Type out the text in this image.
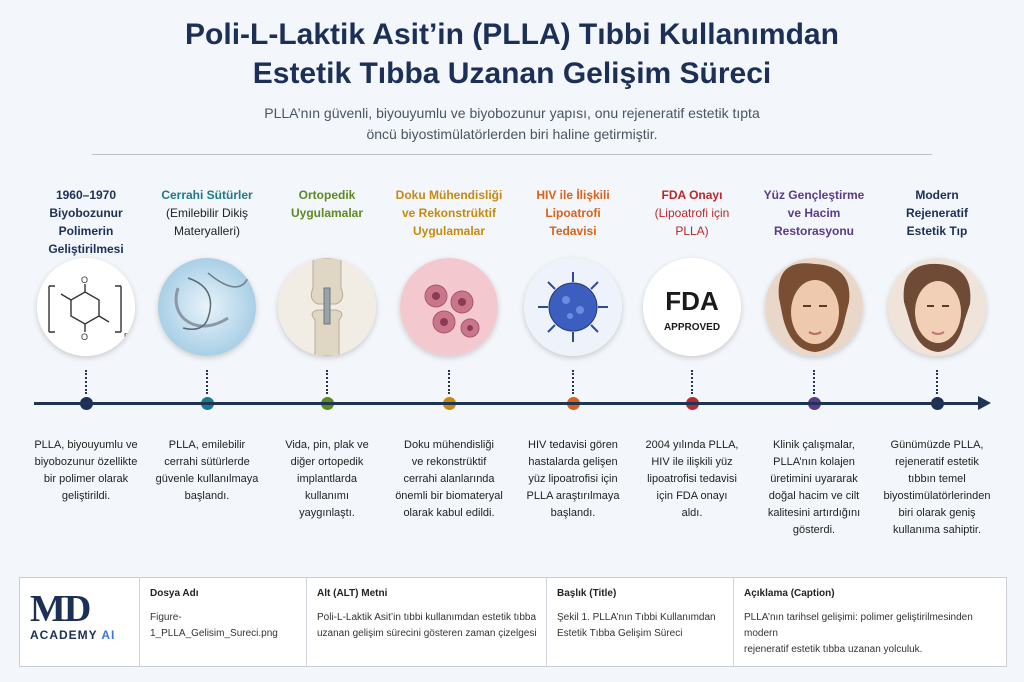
Poli-L-Laktik Asit’in (PLLA) Tıbbi Kullanımdan
Estetik Tıbba Uzanan Gelişim Süreci
PLLA’nın güvenli, biyouyumlu ve biyobozunur yapısı, onu rejeneratif estetik tıpta
öncü biyostimülatörlerden biri haline getirmiştir.
1960–1970
Biyobozunur
Polimerin
Geliştirilmesi
O
O	n
PLLA, biyouyumlu ve
biyobozunur özellikte
bir polimer olarak
geliştirildi.
Cerrahi Sütürler
(Emilebilir Dikiş
Materyalleri)
PLLA, emilebilir
cerrahi sütürlerde
güvenle kullanılmaya
başlandı.
Ortopedik
Uygulamalar
Vida, pin, plak ve
diğer ortopedik
implantlarda
kullanımı
yaygınlaştı.
Doku Mühendisliği
ve Rekonstrüktif
Uygulamalar
Doku mühendisliği
ve rekonstrüktif
cerrahi alanlarında
önemli bir biomateryal
olarak kabul edildi.
HIV ile İlişkili
Lipoatrofi
Tedavisi
HIV tedavisi gören
hastalarda gelişen
yüz lipoatrofisi için
PLLA araştırılmaya
başlandı.
FDA Onayı
(Lipoatrofi için
PLLA)
FDA
APPROVED
2004 yılında PLLA,
HIV ile ilişkili yüz
lipoatrofisi tedavisi
için FDA onayı
aldı.
Yüz Gençleştirme
ve Hacim
Restorasyonu
Klinik çalışmalar,
PLLA’nın kolajen
üretimini uyararak
doğal hacim ve cilt
kalitesini artırdığını
gösterdi.
Modern
Rejeneratif
Estetik Tıp
Günümüzde PLLA,
rejeneratif estetik
tıbbın temel
biyostimülatörlerinden
biri olarak geniş
kullanıma sahiptir.
MD
ACADEMY AI
Dosya Adı
Figure-1_PLLA_Gelisim_Sureci.png
Alt (ALT) Metni
Poli-L-Laktik Asit’in tıbbi kullanımdan estetik tıbba
uzanan gelişim sürecini gösteren zaman çizelgesi
Başlık (Title)
Şekil 1. PLLA’nın Tıbbi Kullanımdan
Estetik Tıbba Gelişim Süreci
Açıklama (Caption)
PLLA’nın tarihsel gelişimi: polimer geliştirilmesinden modern
rejeneratif estetik tıbba uzanan yolculuk.
